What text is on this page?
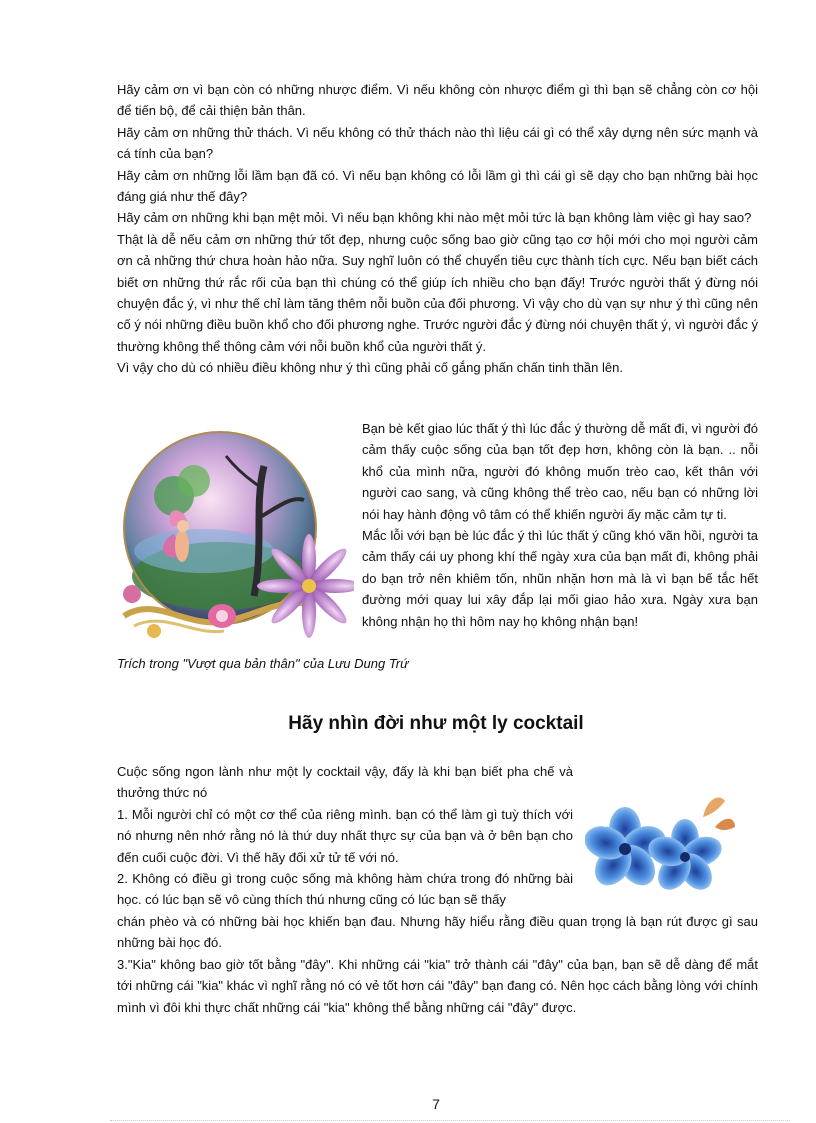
Hãy cảm ơn vì bạn còn có những nhược điểm. Vì nếu không còn nhược điểm gì thì bạn sẽ chẳng còn cơ hội để tiến bộ, để cải thiện bản thân.

Hãy cảm ơn những thử thách. Vì nếu không có thử thách nào thì liệu cái gì có thể xây dựng nên sức mạnh và cá tính của bạn?

Hãy cảm ơn những lỗi lầm bạn đã có. Vì nếu bạn không có lỗi lầm gì thì cái gì sẽ dạy cho bạn những bài học đáng giá như thế đây?

Hãy cảm ơn những khi bạn mệt mỏi. Vì nếu bạn không khi nào mệt mỏi tức là bạn không làm việc gì hay sao?

Thật là dễ nếu cảm ơn những thứ tốt đẹp, nhưng cuộc sống bao giờ cũng tạo cơ hội mới cho mọi người cảm ơn cả những thứ chưa hoàn hảo nữa. Suy nghĩ luôn có thể chuyển tiêu cực thành tích cực. Nếu bạn biết cách biết ơn những thứ rắc rối của bạn thì chúng có thể giúp ích nhiều cho bạn đấy! Trước người thất ý đừng nói chuyện đắc ý, vì như thế chỉ làm tăng thêm nỗi buồn của đối phương. Vì vậy cho dù vạn sự như ý thì cũng nên cố ý nói những điều buồn khổ cho đối phương nghe. Trước người đắc ý đừng nói chuyện thất ý, vì người đắc ý thường không thể thông cảm với nỗi buồn khổ của người thất ý.

Vì vậy cho dù có nhiều điều không như ý thì cũng phải cố gắng phấn chấn tinh thần lên.

Bạn bè kết giao lúc thất ý thì lúc đắc ý thường dễ mất đi, vì người đó cảm thấy cuộc sống của bạn tốt đẹp hơn, không còn là bạn. .. nỗi khổ của mình nữa, người đó không muốn trèo cao, kết thân với người cao sang, và cũng không thể trèo cao, nếu bạn có những lời nói hay hành động vô tâm có thể khiến người ấy mặc cảm tự ti.

Mắc lỗi với bạn bè lúc đắc ý thì lúc thất ý cũng khó vãn hồi, người ta cảm thấy cái uy phong khí thế ngày xưa của bạn mất đi, không phải do bạn trở nên khiêm tốn, nhũn nhặn hơn mà là vì bạn bế tắc hết đường mới quay lui xây đắp lại mối giao hảo xưa. Ngày xưa bạn không nhận họ thì hôm nay họ không nhận bạn!

Trích trong "Vượt qua bản thân" của Lưu Dung Trứ
Hãy nhìn đời như một ly cocktail

Cuộc sống ngon lành như một ly cocktail vậy, đấy là khi bạn biết pha chế và thưởng thức nó

1. Mỗi người chỉ có một cơ thể của riêng mình. bạn có thể làm gì tuỳ thích với nó nhưng nên nhớ rằng nó là thứ duy nhất thực sự của bạn và ở bên bạn cho đến cuối cuộc đời. Vì thế hãy đối xử tử tế với nó.

2. Không có điều gì trong cuộc sống mà không hàm chứa trong đó những bài học. có lúc bạn sẽ vô cùng thích thú nhưng cũng có lúc bạn sẽ thấy

chán phèo và có những bài học khiến bạn đau. Nhưng hãy hiểu rằng điều quan trọng là bạn rút được gì sau những bài học đó.

3."Kia" không bao giờ tốt bằng "đây". Khi những cái "kia" trở thành cái "đây" của bạn, bạn sẽ dễ dàng để mắt tới những cái "kia" khác vì nghĩ rằng nó có vẻ tốt hơn cái "đây" bạn đang có. Nên học cách bằng lòng với chính mình vì đôi khi thực chất những cái "kia" không thể bằng những cái "đây" được.

7
